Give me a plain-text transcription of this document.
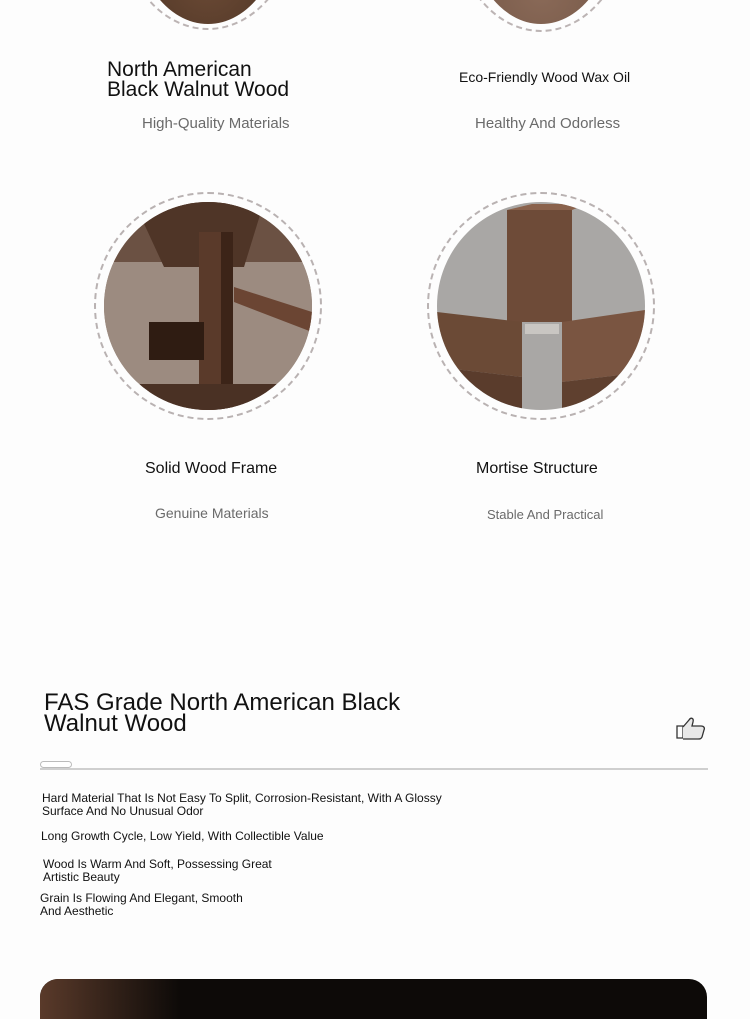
North American
Black Walnut Wood
High-Quality Materials
Eco-Friendly Wood Wax Oil
Healthy And Odorless
Solid Wood Frame
Genuine Materials
Mortise Structure
Stable And Practical
FAS Grade North American Black
Walnut Wood
Hard Material That Is Not Easy To Split, Corrosion-Resistant, With A Glossy
Surface And No Unusual Odor
Long Growth Cycle, Low Yield, With Collectible Value
Wood Is Warm And Soft, Possessing Great
Artistic Beauty
Grain Is Flowing And Elegant, Smooth
And Aesthetic
